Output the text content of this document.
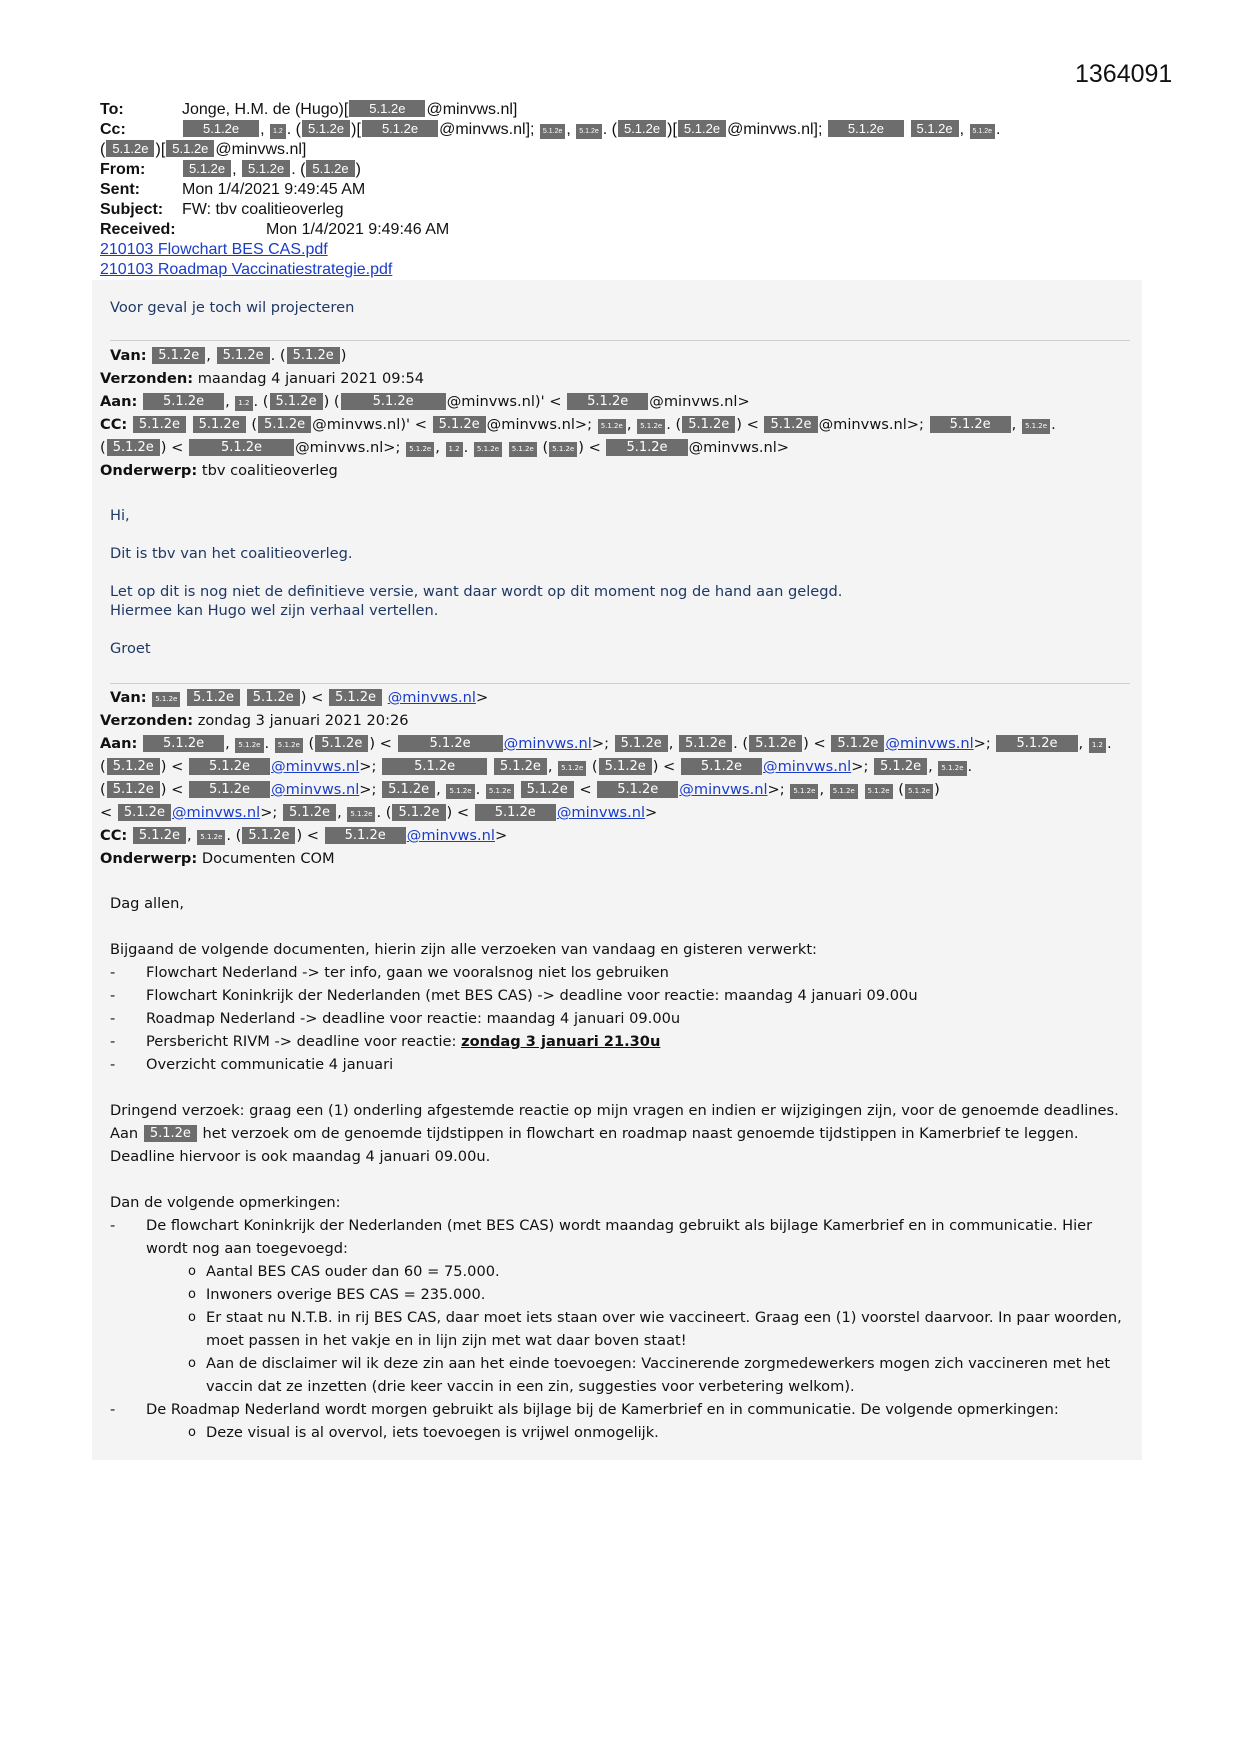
1364091
To:	Jonge, H.M. de (Hugo)[ 5.1.2e @minvws.nl]
Cc:	5.1.2e , 1.2 . ( 5.1.2e )[ 5.1.2e @minvws.nl]; 5.1.2e , 5.1.2e . ( 5.1.2e )[ 5.1.2e @minvws.nl]; 5.1.2e 5.1.2e , 5.1.2e .
( 5.1.2e )[ 5.1.2e @minvws.nl]
From:	5.1.2e , 5.1.2e . ( 5.1.2e )
Sent:	Mon 1/4/2021 9:49:45 AM
Subject: FW: tbv coalitieoverleg
Received:	Mon 1/4/2021 9:49:46 AM
210103 Flowchart BES CAS.pdf
210103 Roadmap Vaccinatiestrategie.pdf
Voor geval je toch wil projecteren
Van: 5.1.2e , 5.1.2e . ( 5.1.2e )
Verzonden: maandag 4 januari 2021 09:54
Aan: 5.1.2e , 1.2 . ( 5.1.2e ) (	5.1.2e @minvws.nl)' < 5.1.2e @minvws.nl>
CC: 5.1.2e 5.1.2e ( 5.1.2e @minvws.nl)' < 5.1.2e @minvws.nl>; 5.1.2e , 5.1.2e . ( 5.1.2e ) < 5.1.2e @minvws.nl>; 5.1.2e , 5.1.2e .
( 5.1.2e ) <	5.1.2e @minvws.nl>; 5.1.2e , 1.2 . 5.1.2e 5.1.2e ( 5.1.2e ) < 5.1.2e @minvws.nl>
Onderwerp: tbv coalitieoverleg

Hi,

Dit is tbv van het coalitieoverleg.

Let op dit is nog niet de definitieve versie, want daar wordt op dit moment nog de hand aan gelegd.

Hiermee kan Hugo wel zijn verhaal vertellen.

Groet

Van: 5.1.2e 5.1.2e 5.1.2e ) < 5.1.2e @minvws.nl>
Verzonden: zondag 3 januari 2021 20:26
Aan: 5.1.2e , 5.1.2e . 5.1.2e ( 5.1.2e ) <	5.1.2e @minvws.nl>; 5.1.2e , 5.1.2e . ( 5.1.2e ) < 5.1.2e @minvws.nl>; 5.1.2e , 1.2 .
( 5.1.2e ) < 5.1.2e @minvws.nl>;	5.1.2e	5.1.2e , 5.1.2e ( 5.1.2e ) < 5.1.2e @minvws.nl>; 5.1.2e , 5.1.2e .
( 5.1.2e ) < 5.1.2e @minvws.nl>; 5.1.2e , 5.1.2e . 5.1.2e 5.1.2e < 5.1.2e @minvws.nl>; 5.1.2e , 5.1.2e 5.1.2e ( 5.1.2e )
< 5.1.2e @minvws.nl>; 5.1.2e , 5.1.2e . ( 5.1.2e ) < 5.1.2e @minvws.nl>
CC: 5.1.2e , 5.1.2e . ( 5.1.2e ) < 5.1.2e @minvws.nl>
Onderwerp: Documenten COM

Dag allen,

Bijgaand de volgende documenten, hierin zijn alle verzoeken van vandaag en gisteren verwerkt:

- Flowchart Nederland -> ter info, gaan we vooralsnog niet los gebruiken
- Flowchart Koninkrijk der Nederlanden (met BES CAS) -> deadline voor reactie: maandag 4 januari 09.00u
- Roadmap Nederland -> deadline voor reactie: maandag 4 januari 09.00u
- Persbericht RIVM -> deadline voor reactie: zondag 3 januari 21.30u
- Overzicht communicatie 4 januari

Dringend verzoek: graag een (1) onderling afgestemde reactie op mijn vragen en indien er wijzigingen zijn, voor de genoemde deadlines. Aan 5.1.2e het verzoek om de genoemde tijdstippen in flowchart en roadmap naast genoemde tijdstippen in Kamerbrief te leggen. Deadline hiervoor is ook maandag 4 januari 09.00u.

Dan de volgende opmerkingen:

- De flowchart Koninkrijk der Nederlanden (met BES CAS) wordt maandag gebruikt als bijlage Kamerbrief en in communicatie. Hier wordt nog aan toegevoegd:
o Aantal BES CAS ouder dan 60 = 75.000.
o Inwoners overige BES CAS = 235.000.
o Er staat nu N.T.B. in rij BES CAS, daar moet iets staan over wie vaccineert. Graag een (1) voorstel daarvoor. In paar woorden, moet passen in het vakje en in lijn zijn met wat daar boven staat!
o Aan de disclaimer wil ik deze zin aan het einde toevoegen: Vaccinerende zorgmedewerkers mogen zich vaccineren met het vaccin dat ze inzetten (drie keer vaccin in een zin, suggesties voor verbetering welkom).
- De Roadmap Nederland wordt morgen gebruikt als bijlage bij de Kamerbrief en in communicatie. De volgende opmerkingen:
o Deze visual is al overvol, iets toevoegen is vrijwel onmogelijk.
